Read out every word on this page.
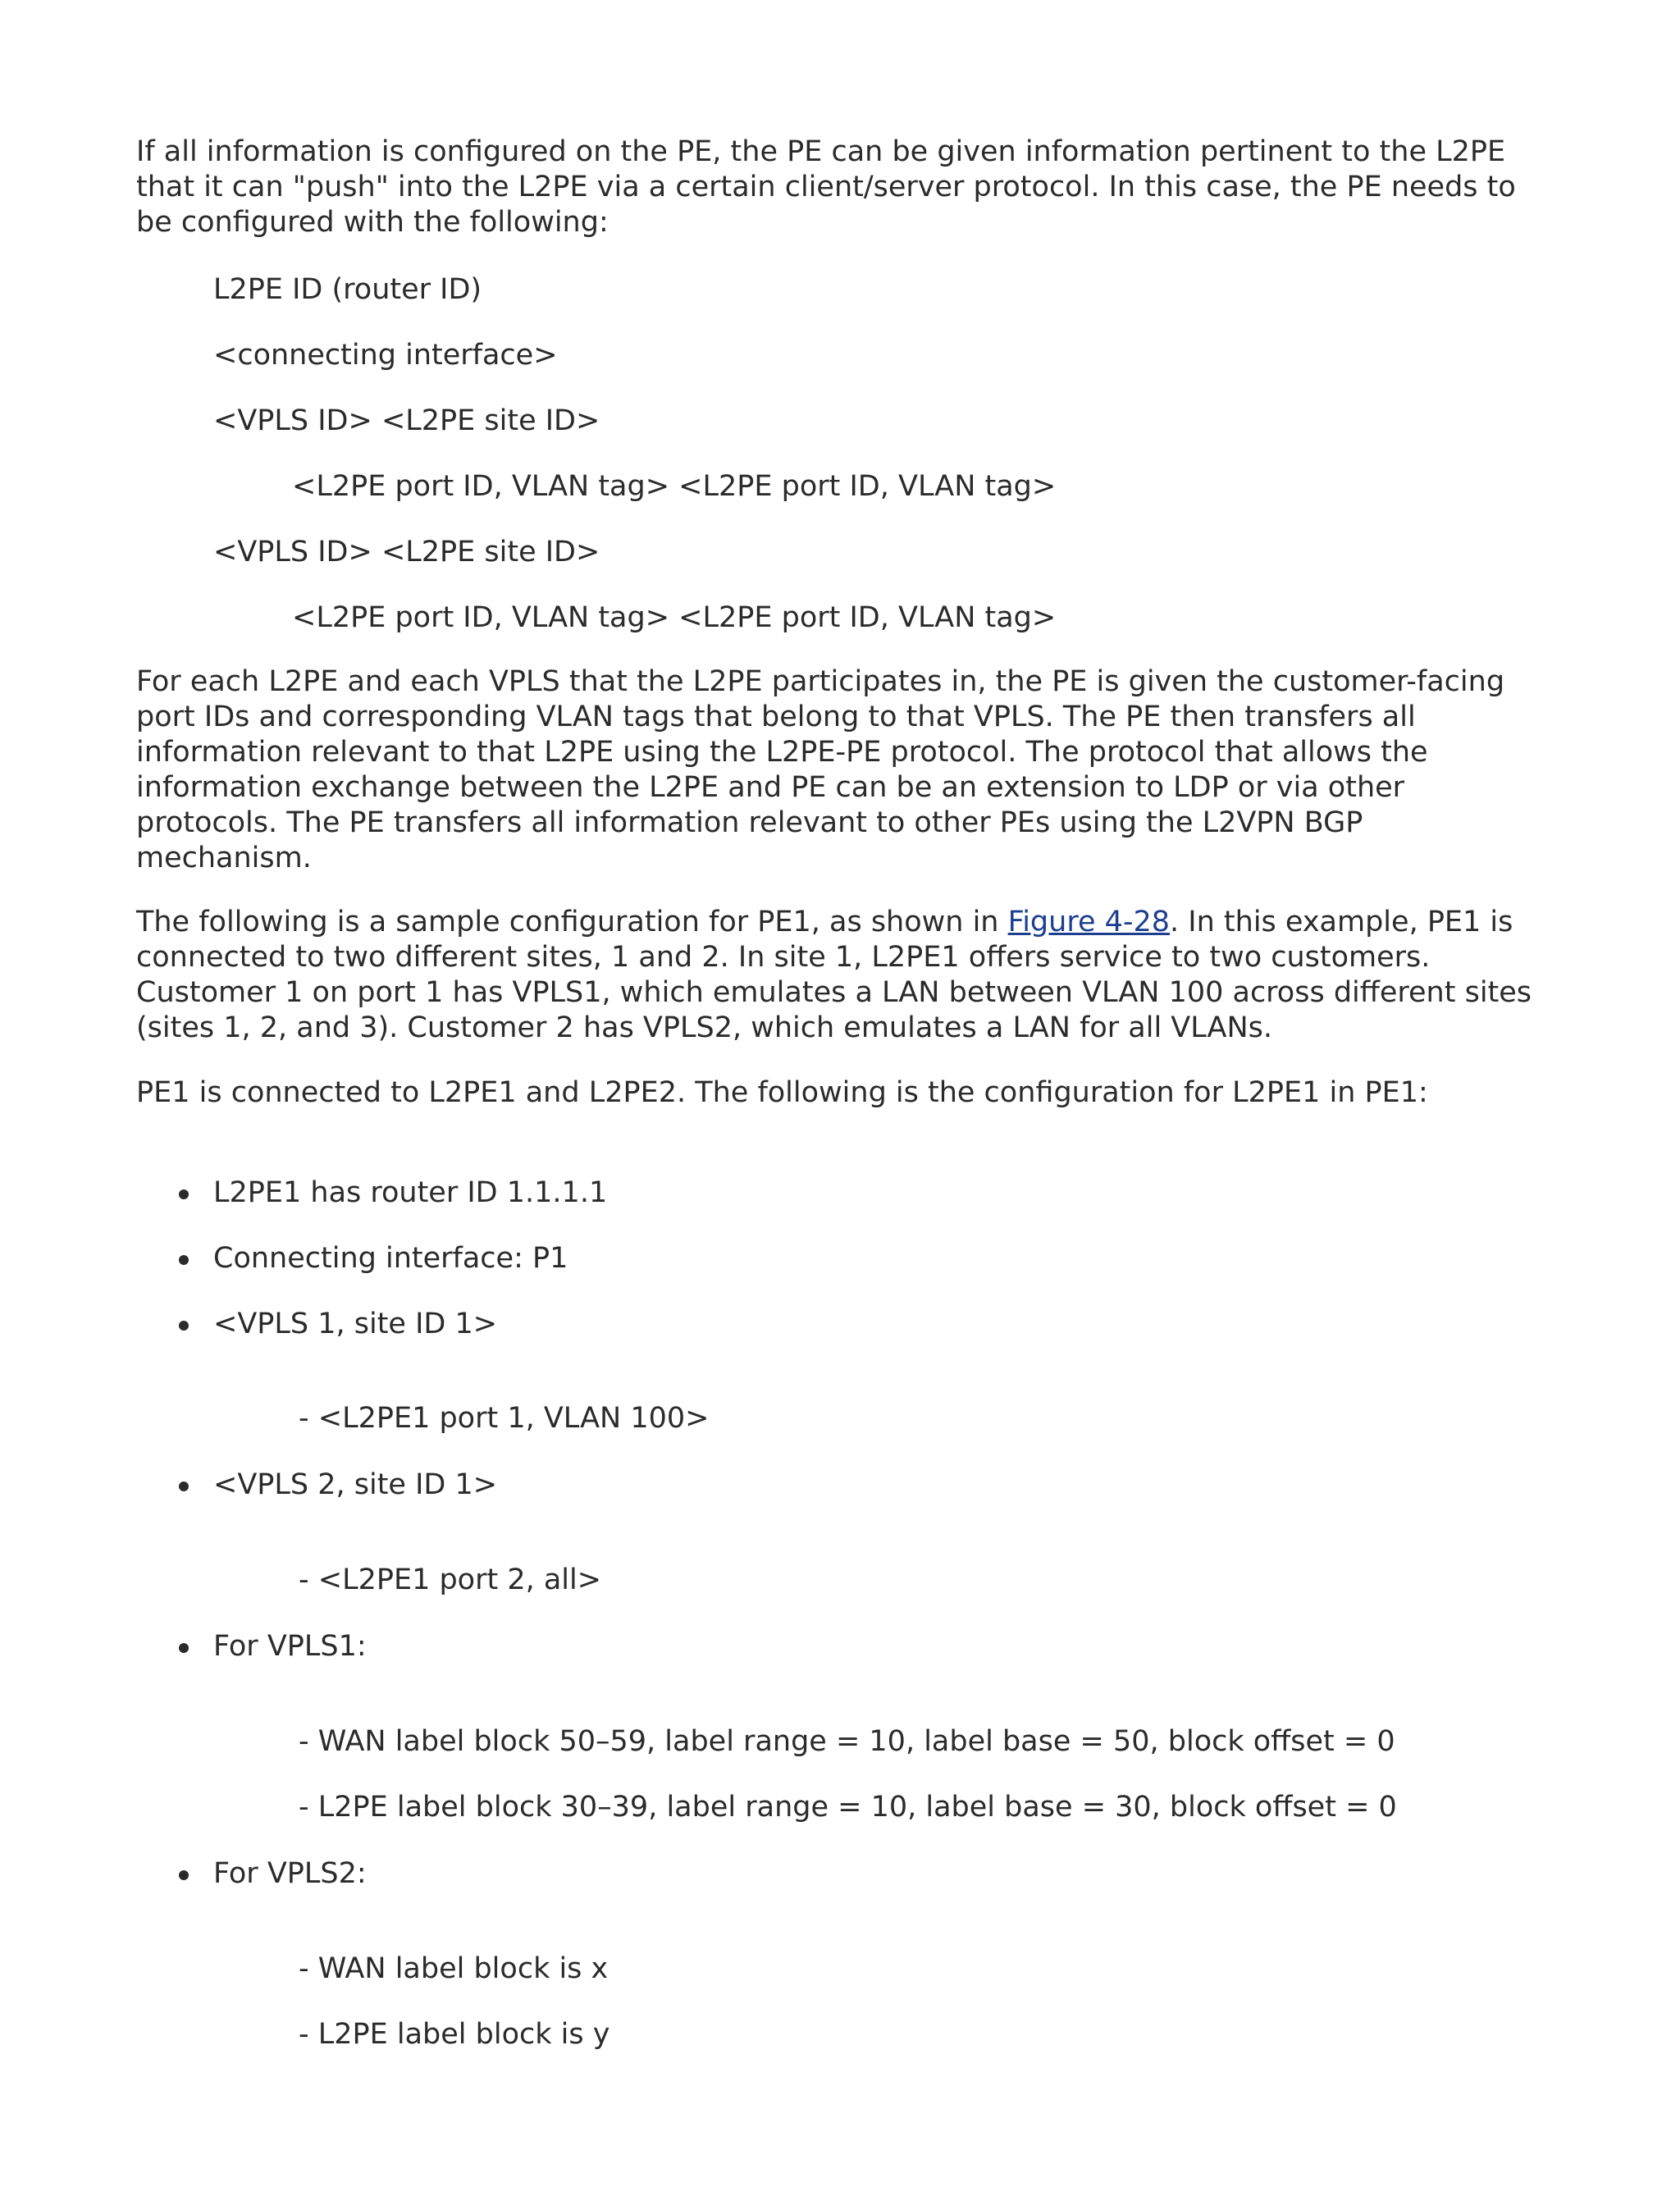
If all information is configured on the PE, the PE can be given information pertinent to the L2PE that it can "push" into the L2PE via a certain client/server protocol. In this case, the PE needs to be configured with the following:

L2PE ID (router ID)

<connecting interface>

<VPLS ID> <L2PE site ID>

<L2PE port ID, VLAN tag> <L2PE port ID, VLAN tag>

<VPLS ID> <L2PE site ID>

<L2PE port ID, VLAN tag> <L2PE port ID, VLAN tag>

For each L2PE and each VPLS that the L2PE participates in, the PE is given the customer-facing port IDs and corresponding VLAN tags that belong to that VPLS. The PE then transfers all information relevant to that L2PE using the L2PE-PE protocol. The protocol that allows the information exchange between the L2PE and PE can be an extension to LDP or via other protocols. The PE transfers all information relevant to other PEs using the L2VPN BGP mechanism.

The following is a sample configuration for PE1, as shown in Figure 4-28. In this example, PE1 is connected to two different sites, 1 and 2. In site 1, L2PE1 offers service to two customers. Customer 1 on port 1 has VPLS1, which emulates a LAN between VLAN 100 across different sites (sites 1, 2, and 3). Customer 2 has VPLS2, which emulates a LAN for all VLANs.

PE1 is connected to L2PE1 and L2PE2. The following is the configuration for L2PE1 in PE1:

L2PE1 has router ID 1.1.1.1

Connecting interface: P1

<VPLS 1, site ID 1>

- <L2PE1 port 1, VLAN 100>

<VPLS 2, site ID 1>

- <L2PE1 port 2, all>

For VPLS1:

- WAN label block 50–59, label range = 10, label base = 50, block offset = 0

- L2PE label block 30–39, label range = 10, label base = 30, block offset = 0

For VPLS2:

- WAN label block is x

- L2PE label block is y
